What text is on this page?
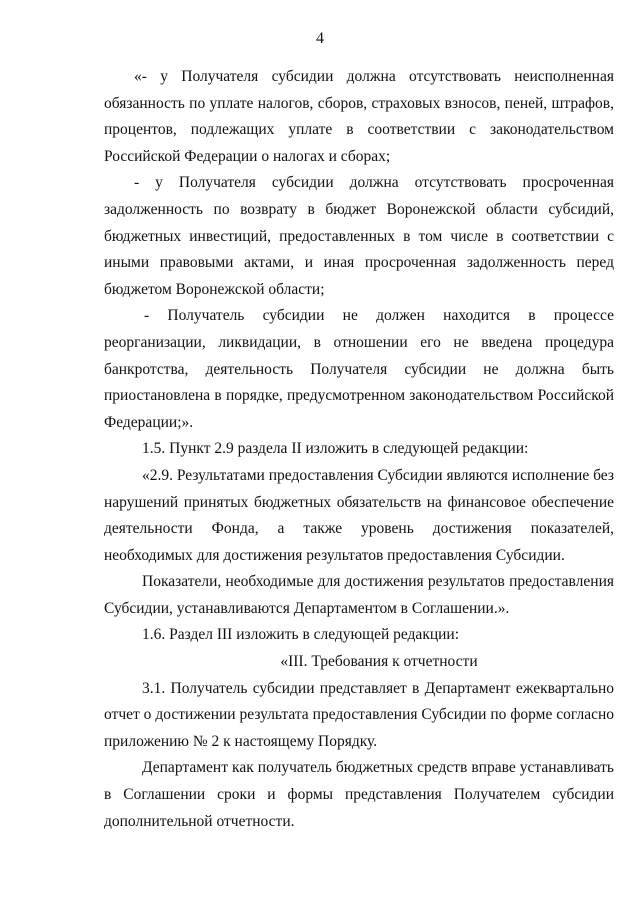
4

«- у Получателя субсидии должна отсутствовать неисполненная обязанность по уплате налогов, сборов, страховых взносов, пеней, штрафов, процентов, подлежащих уплате в соответствии с законодательством Российской Федерации о налогах и сборах;

- у Получателя субсидии должна отсутствовать просроченная задолженность по возврату в бюджет Воронежской области субсидий, бюджетных инвестиций, предоставленных в том числе в соответствии с иными правовыми актами, и иная просроченная задолженность перед бюджетом Воронежской области;

- Получатель субсидии не должен находится в процессе реорганизации, ликвидации, в отношении его не введена процедура банкротства, деятельность Получателя субсидии не должна быть приостановлена в порядке, предусмотренном законодательством Российской Федерации;».

1.5. Пункт 2.9 раздела II изложить в следующей редакции:

«2.9. Результатами предоставления Субсидии являются исполнение без нарушений принятых бюджетных обязательств на финансовое обеспечение деятельности Фонда, а также уровень достижения показателей, необходимых для достижения результатов предоставления Субсидии.

Показатели, необходимые для достижения результатов предоставления Субсидии, устанавливаются Департаментом в Соглашении.».

1.6. Раздел III изложить в следующей редакции:

«III. Требования к отчетности

3.1. Получатель субсидии представляет в Департамент ежеквартально отчет о достижении результата предоставления Субсидии по форме согласно приложению № 2 к настоящему Порядку.

Департамент как получатель бюджетных средств вправе устанавливать в Соглашении сроки и формы представления Получателем субсидии дополнительной отчетности.
